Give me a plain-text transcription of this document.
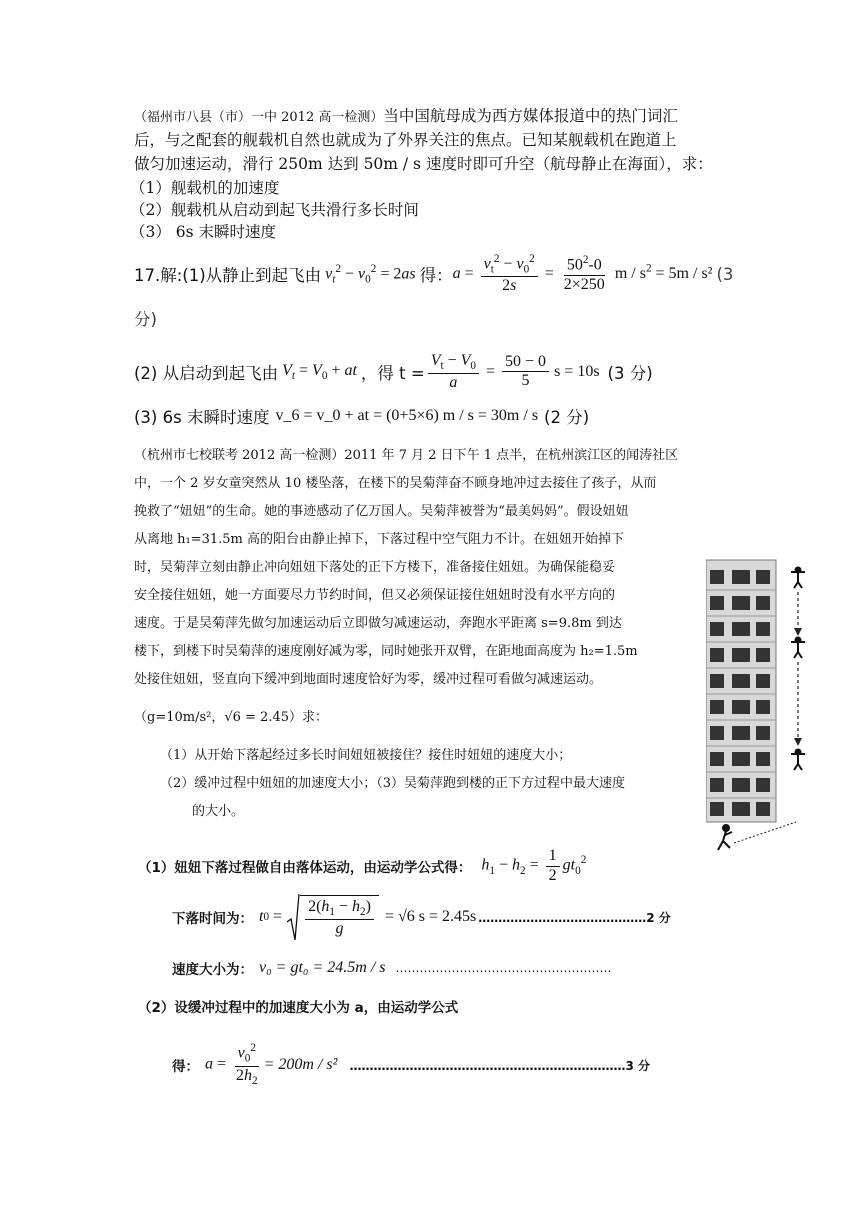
（福州市八县（市）一中 2012 高一检测）当中国航母成为西方媒体报道中的热门词汇
后，与之配套的舰载机自然也就成为了外界关注的焦点。已知某舰载机在跑道上
做匀加速运动，滑行 250m 达到 50m / s 速度时即可升空（航母静止在海面），求：
（1）舰载机的加速度
（2）舰载机从启动到起飞共滑行多长时间
（3） 6s 末瞬时速度
17.解:(1)从静止到起飞由 $v_t^2 - v_0^2 = 2as$ 得： $a = \frac{v_t^2 - v_0^2}{2s} = \frac{50^2-0}{2\times 250}$ $m / s^2 = 5m / s^2$ (3
分)
(2) 从启动到起飞由 $V_t = V_0$ + at ，得 $t = \frac{V_t - V_0}{a} = \frac{50 - 0}{5}$ s = 10s (3 分)
(3) 6s 末瞬时速度 v_6 = v_0 + at = (0+5×6) m / s = 30m / s (2 分)
（杭州市七校联考 2012 高一检测）2011 年 7 月 2 日下午 1 点半，在杭州滨江区的闻涛社区
中，一个 2 岁女童突然从 10 楼坠落，在楼下的吴菊萍奋不顾身地冲过去接住了孩子，从而
挽救了“妞妞”的生命。她的事迹感动了亿万国人。吴菊萍被誉为“最美妈妈”。假设妞妞
从离地 h₁=31.5m 高的阳台由静止掉下，下落过程中空气阻力不计。在妞妞开始掉下
时，吴菊萍立刻由静止冲向妞妞下落处的正下方楼下，准备接住妞妞。为确保能稳妥
安全接住妞妞，她一方面要尽力节约时间，但又必须保证接住妞妞时没有水平方向的
速度。于是吴菊萍先做匀加速运动后立即做匀减速运动，奔跑水平距离 s=9.8m 到达
楼下，到楼下时吴菊萍的速度刚好减为零，同时她张开双臂，在距地面高度为 h₂=1.5m
处接住妞妞，竖直向下缓冲到地面时速度恰好为零，缓冲过程可看做匀减速运动。
（g=10m/s²，√6 = 2.45）求：
（1）从开始下落起经过多长时间妞妞被接住？接住时妞妞的速度大小；
（2）缓冲过程中妞妞的加速度大小；（3）吴菊萍跑到楼的正下方过程中最大速度
的大小。
（1）妞妞下落过程做自由落体运动，由运动学公式得： $h_1 - h_2 = \frac{1}{2} gt_0^2$
下落时间为： t $0 = \frac{2(h_1 - h_2)}{g} = √6$ s = 2.45s ……………………………………2 分
速度大小为： v₀ = gt₀ = 24.5m / s ………………………………………………
（2）设缓冲过程中的加速度大小为 a，由运动学公式
得： $a = \frac{v_0^2}{2h_2} = 200m / s^2$ ……………………………………………………………3 分
